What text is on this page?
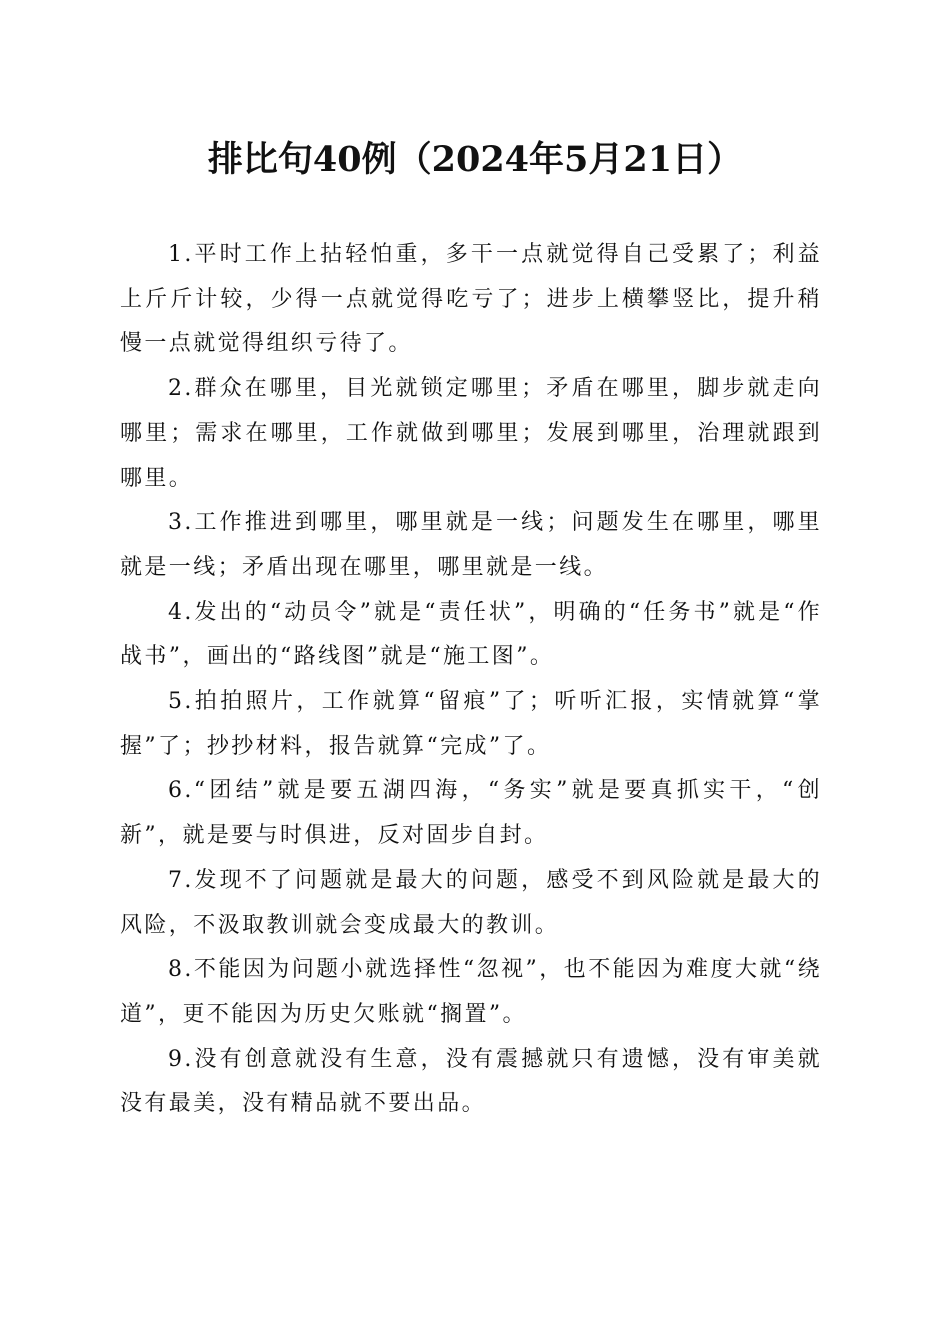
排比句40例（2024年5月21日）

1.平时工作上拈轻怕重，多干一点就觉得自己受累了；利益上斤斤计较，少得一点就觉得吃亏了；进步上横攀竖比，提升稍慢一点就觉得组织亏待了。

2.群众在哪里，目光就锁定哪里；矛盾在哪里，脚步就走向哪里；需求在哪里，工作就做到哪里；发展到哪里，治理就跟到哪里。

3.工作推进到哪里，哪里就是一线；问题发生在哪里，哪里就是一线；矛盾出现在哪里，哪里就是一线。

4.发出的“动员令”就是“责任状”，明确的“任务书”就是“作战书”，画出的“路线图”就是“施工图”。

5.拍拍照片，工作就算“留痕”了；听听汇报，实情就算“掌握”了；抄抄材料，报告就算“完成”了。

6.“团结”就是要五湖四海，“务实”就是要真抓实干，“创新”，就是要与时俱进，反对固步自封。

7.发现不了问题就是最大的问题，感受不到风险就是最大的风险，不汲取教训就会变成最大的教训。

8.不能因为问题小就选择性“忽视”，也不能因为难度大就“绕道”，更不能因为历史欠账就“搁置”。

9.没有创意就没有生意，没有震撼就只有遗憾，没有审美就没有最美，没有精品就不要出品。
